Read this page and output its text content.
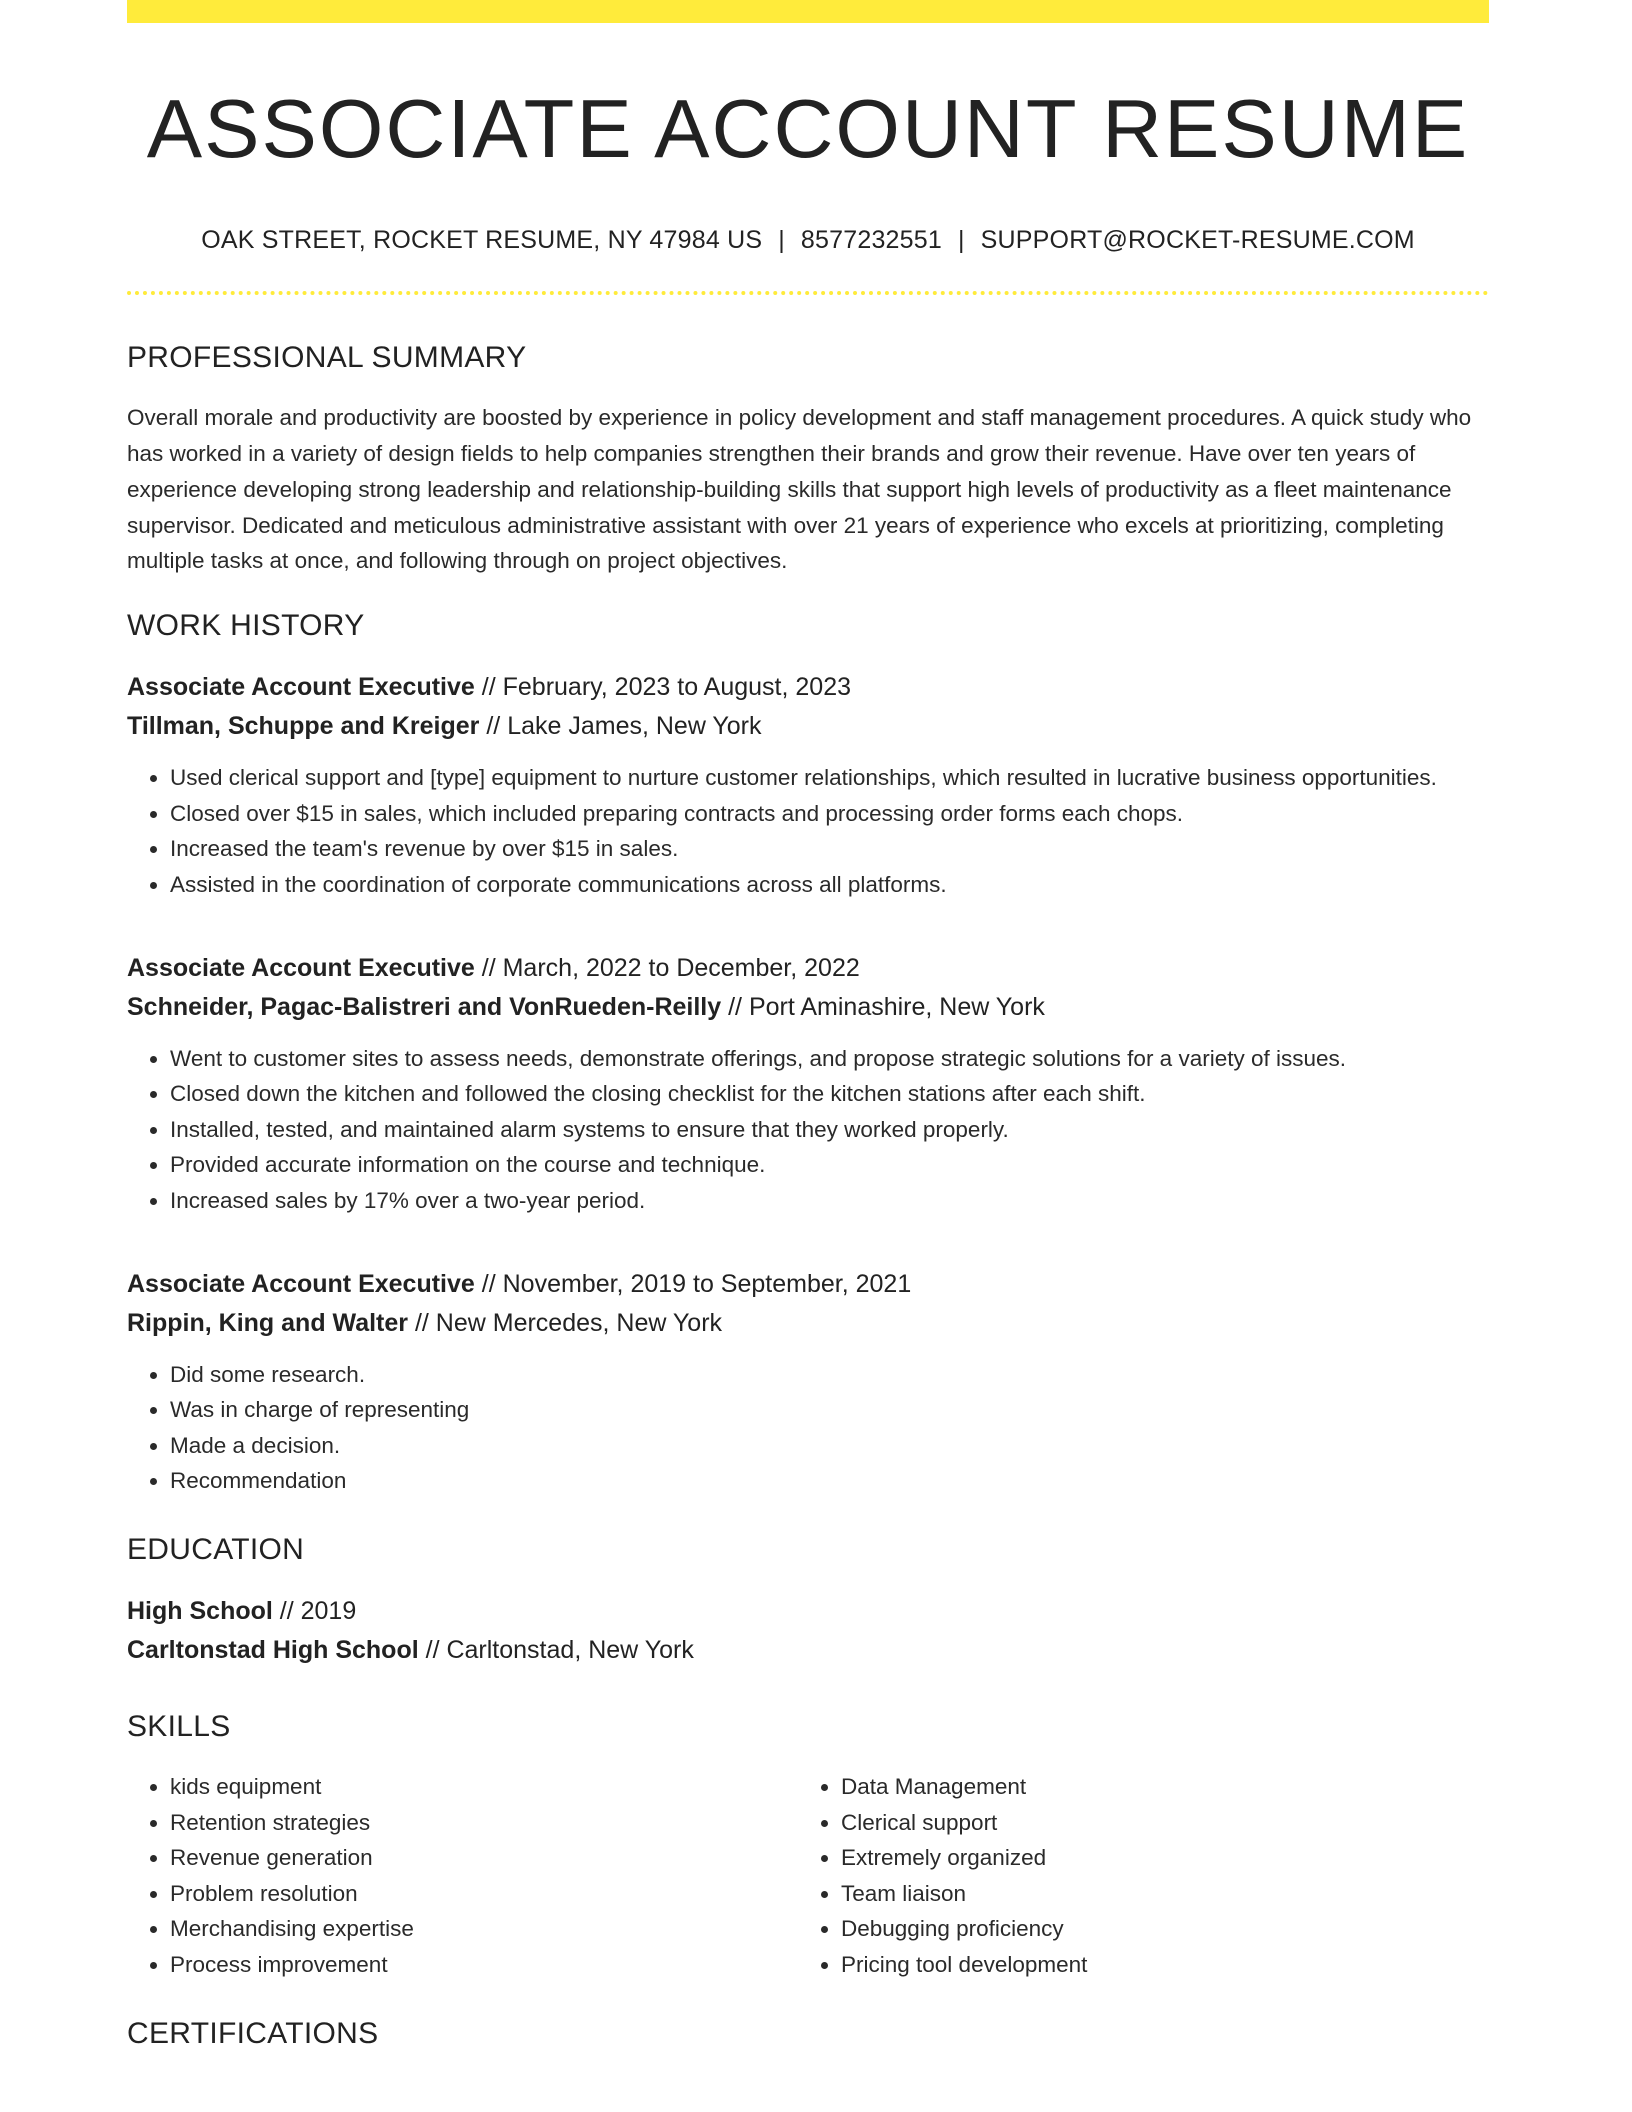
ASSOCIATE ACCOUNT RESUME
OAK STREET, ROCKET RESUME, NY 47984 US | 8577232551 | SUPPORT@ROCKET-RESUME.COM
PROFESSIONAL SUMMARY

Overall morale and productivity are boosted by experience in policy development and staff management procedures. A quick study who has worked in a variety of design fields to help companies strengthen their brands and grow their revenue. Have over ten years of experience developing strong leadership and relationship-building skills that support high levels of productivity as a fleet maintenance supervisor. Dedicated and meticulous administrative assistant with over 21 years of experience who excels at prioritizing, completing multiple tasks at once, and following through on project objectives.

WORK HISTORY
Associate Account Executive // February, 2023 to August, 2023
Tillman, Schuppe and Kreiger // Lake James, New York
• Used clerical support and [type] equipment to nurture customer relationships, which resulted in lucrative business opportunities.
• Closed over $15 in sales, which included preparing contracts and processing order forms each chops.
• Increased the team's revenue by over $15 in sales.
• Assisted in the coordination of corporate communications across all platforms.
Associate Account Executive // March, 2022 to December, 2022
Schneider, Pagac-Balistreri and VonRueden-Reilly // Port Aminashire, New York
• Went to customer sites to assess needs, demonstrate offerings, and propose strategic solutions for a variety of issues.
• Closed down the kitchen and followed the closing checklist for the kitchen stations after each shift.
• Installed, tested, and maintained alarm systems to ensure that they worked properly.
• Provided accurate information on the course and technique.
• Increased sales by 17% over a two-year period.
Associate Account Executive // November, 2019 to September, 2021
Rippin, King and Walter // New Mercedes, New York
• Did some research.
• Was in charge of representing
• Made a decision.
• Recommendation
EDUCATION
High School // 2019
Carltonstad High School // Carltonstad, New York
SKILLS
• kids equipment
• Retention strategies
• Revenue generation
• Problem resolution
• Merchandising expertise
• Process improvement
• Data Management
• Clerical support
• Extremely organized
• Team liaison
• Debugging proficiency
• Pricing tool development
CERTIFICATIONS
